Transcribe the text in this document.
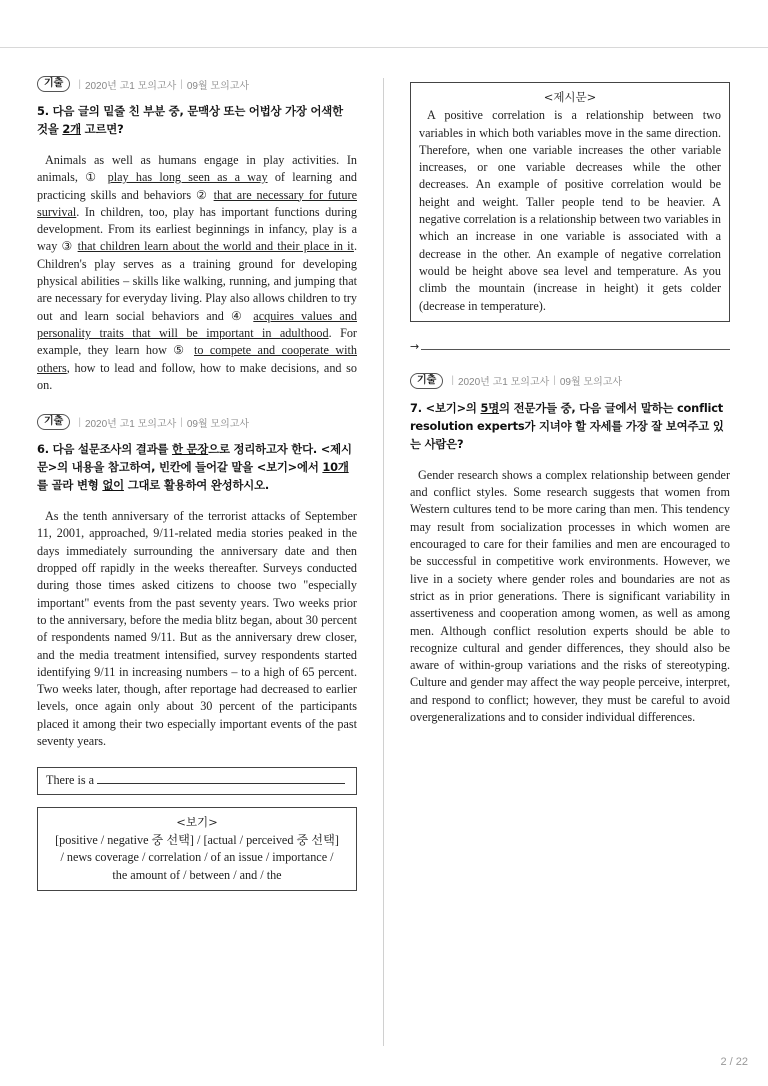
기출	| 2020년 고1 모의고사 | 09월 모의고사
5. 다음 글의 밑줄 친 부분 중, 문맥상 또는 어법상 가장 어색한 것을 2개 고르면?

Animals as well as humans engage in play activities. In animals, ① play has long seen as a way of learning and practicing skills and behaviors ② that are necessary for future survival. In children, too, play has important functions during development. From its earliest beginnings in infancy, play is a way ③ that children learn about the world and their place in it. Children's play serves as a training ground for developing physical abilities – skills like walking, running, and jumping that are necessary for everyday living. Play also allows children to try out and learn social behaviors and ④ acquires values and personality traits that will be important in adulthood. For example, they learn how ⑤ to compete and cooperate with others, how to lead and follow, how to make decisions, and so on.

기출	| 2020년 고1 모의고사 | 09월 모의고사
6. 다음 설문조사의 결과를 한 문장으로 정리하고자 한다. <제시문>의 내용을 참고하여, 빈칸에 들어갈 말을 <보기>에서 10개를 골라 변형 없이 그대로 활용하여 완성하시오.

As the tenth anniversary of the terrorist attacks of September 11, 2001, approached, 9/11-related media stories peaked in the days immediately surrounding the anniversary date and then dropped off rapidly in the weeks thereafter. Surveys conducted during those times asked citizens to choose two "especially important" events from the past seventy years. Two weeks prior to the anniversary, before the media blitz began, about 30 percent of respondents named 9/11. But as the anniversary drew closer, and the media treatment intensified, survey respondents started identifying 9/11 in increasing numbers – to a high of 65 percent. Two weeks later, though, after reportage had decreased to earlier levels, once again only about 30 percent of the participants placed it among their two especially important events of the past seventy years.

There is a
<보기>
[positive / negative 중 선택] / [actual / perceived 중 선택]
/ news coverage / correlation / of an issue / importance /
the amount of / between / and / the
<제시문>

A positive correlation is a relationship between two variables in which both variables move in the same direction. Therefore, when one variable increases the other variable increases, or one variable decreases while the other decreases. An example of positive correlation would be height and weight. Taller people tend to be heavier. A negative correlation is a relationship between two variables in which an increase in one variable is associated with a decrease in the other. An example of negative correlation would be height above sea level and temperature. As you climb the mountain (increase in height) it gets colder (decrease in temperature).

→
기출	| 2020년 고1 모의고사 | 09월 모의고사
7. <보기>의 5명의 전문가들 중, 다음 글에서 말하는 conflict resolution experts가 지녀야 할 자세를 가장 잘 보여주고 있는 사람은?

Gender research shows a complex relationship between gender and conflict styles. Some research suggests that women from Western cultures tend to be more caring than men. This tendency may result from socialization processes in which women are encouraged to care for their families and men are encouraged to be successful in competitive work environments. However, we live in a society where gender roles and boundaries are not as strict as in prior generations. There is significant variability in assertiveness and cooperation among women, as well as among men. Although conflict resolution experts should be able to recognize cultural and gender differences, they should also be aware of within-group variations and the risks of stereotyping. Culture and gender may affect the way people perceive, interpret, and respond to conflict; however, they must be careful to avoid overgeneralizations and to consider individual differences.

2 / 22
